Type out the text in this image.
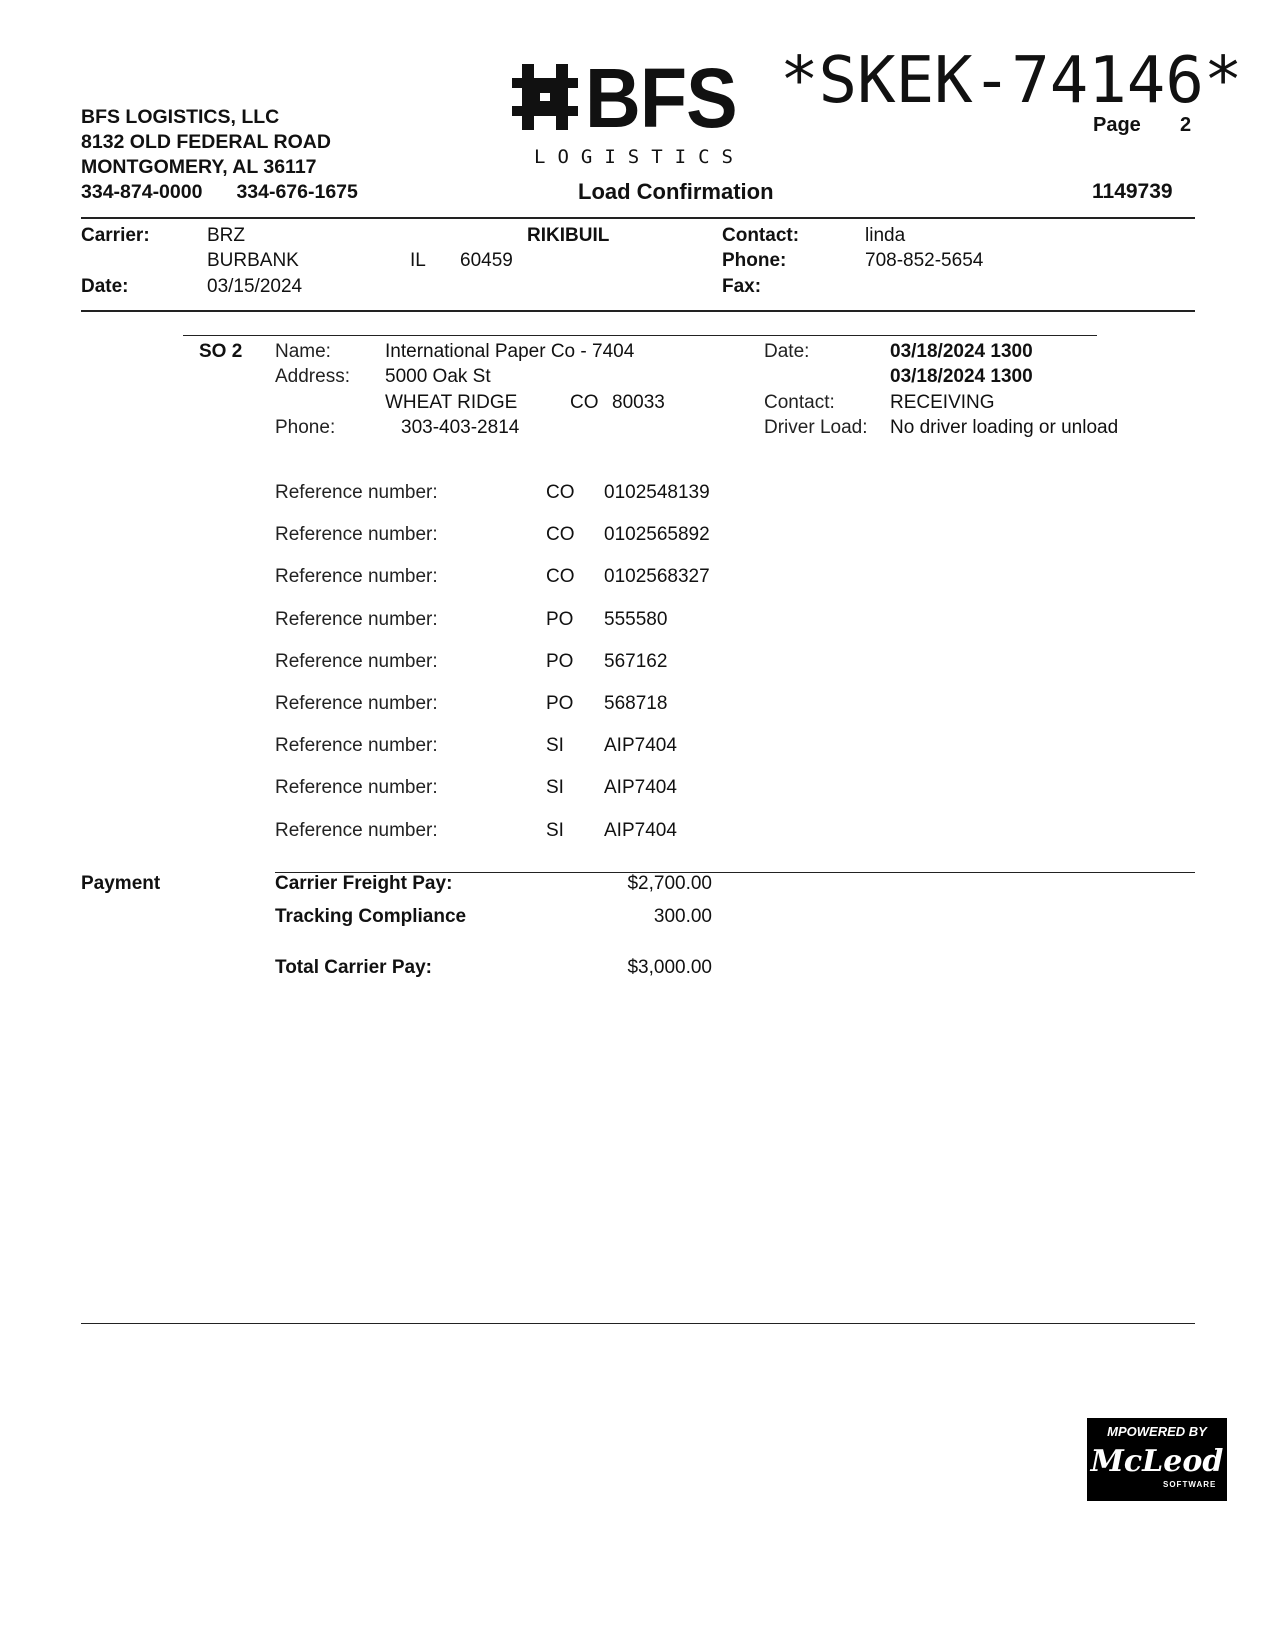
BFS LOGISTICS, LLC
8132 OLD FEDERAL ROAD
MONTGOMERY, AL 36117
334-874-0000 334-676-1675
BFS
LOGISTICS
*SKEK-74146*
Page 2
Load Confirmation	1149739
Carrier:	BRZ
BURBANK	IL 60459
RIKIBUIL
Date:	03/15/2024
Contact:	linda
Phone:	708-852-5654
Fax:
SO 2 Name:	International Paper Co - 7404
Address: 5000 Oak St
WHEAT RIDGE	CO 80033
Phone:	303-403-2814
Date:	03/18/2024 1300
03/18/2024 1300
Contact:	RECEIVING
Driver Load: No driver loading or unload
Reference number:	CO 0102548139
Reference number:	CO 0102565892
Reference number:	CO 0102568327
Reference number:	PO 555580
Reference number:	PO 567162
Reference number:	PO 568718
Reference number:	SI AIP7404
Reference number:	SI AIP7404
Reference number:	SI AIP7404
Payment	Carrier Freight Pay:	$2,700.00
Tracking Compliance	300.00
Total Carrier Pay:	$3,000.00
MPOWERED BY
McLeod
SOFTWARE
